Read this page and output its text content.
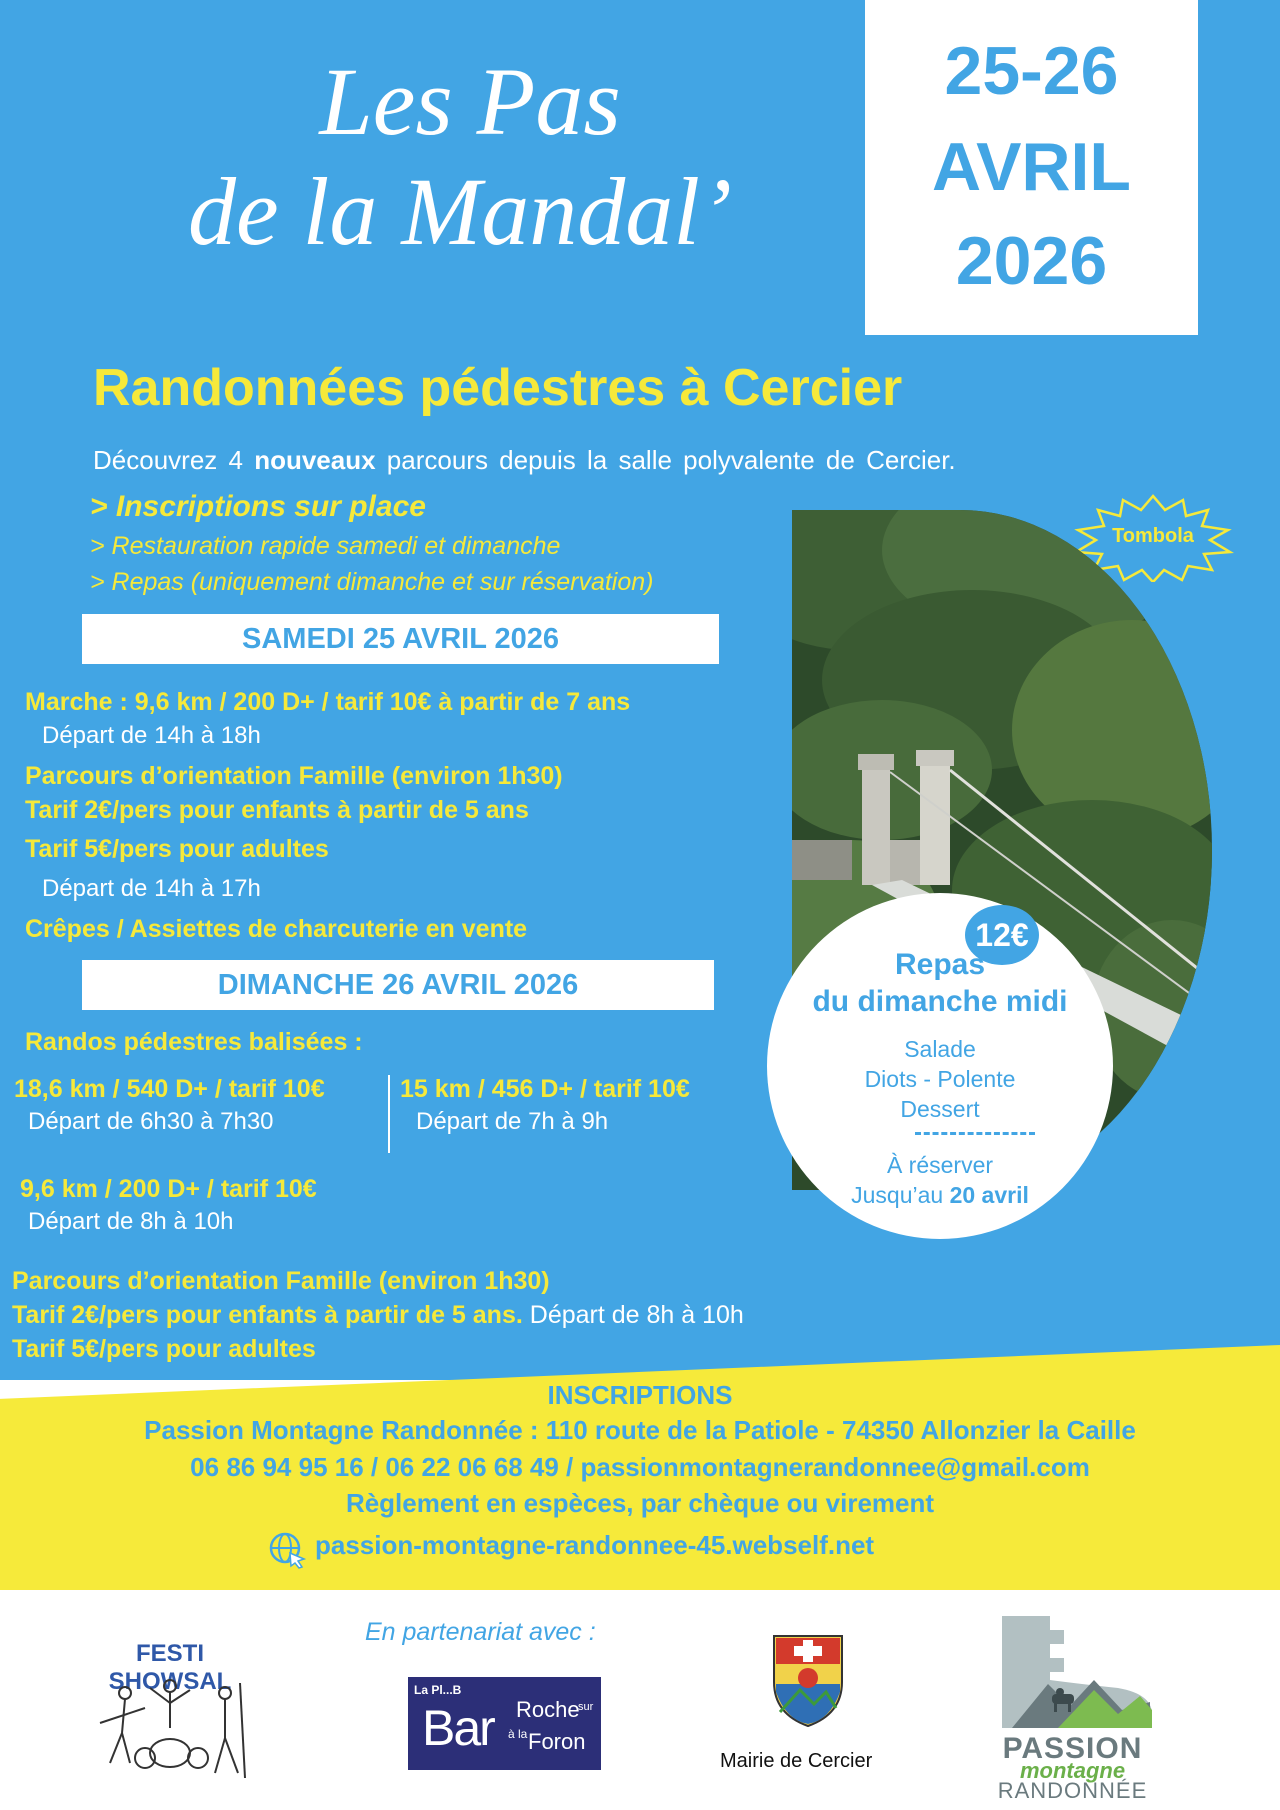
Les Pas
de la Mandal’
25-26
AVRIL
2026
Randonnées pédestres à Cercier
Découvrez 4 nouveaux parcours depuis la salle polyvalente de Cercier.
> Inscriptions sur place
> Restauration rapide samedi et dimanche
> Repas (uniquement dimanche et sur réservation)
Tombola
12€
Repas
du dimanche midi
Salade
Diots - Polente
Dessert
À réserver
Jusqu’au 20 avril
SAMEDI 25 AVRIL 2026
Marche : 9,6 km / 200 D+ / tarif 10€ à partir de 7 ans
Départ de 14h à 18h
Parcours d’orientation Famille (environ 1h30)
Tarif 2€/pers pour enfants à partir de 5 ans
Tarif 5€/pers pour adultes
Départ de 14h à 17h
Crêpes / Assiettes de charcuterie en vente
DIMANCHE 26 AVRIL 2026
Randos pédestres balisées :
18,6 km / 540 D+ / tarif 10€
Départ de 6h30 à 7h30
15 km / 456 D+ / tarif 10€
Départ de 7h à 9h
9,6 km / 200 D+ / tarif 10€
Départ de 8h à 10h
Parcours d’orientation Famille (environ 1h30)
Tarif 2€/pers pour enfants à partir de 5 ans. Départ de 8h à 10h
Tarif 5€/pers pour adultes
INSCRIPTIONS
Passion Montagne Randonnée : 110 route de la Patiole - 74350 Allonzier la Caille
06 86 94 95 16 / 06 22 06 68 49 / passionmontagnerandonnee@gmail.com
Règlement en espèces, par chèque ou virement
passion-montagne-randonnee-45.webself.net
En partenariat avec :
FESTI SHOWSAL	La Pl...B
Bar à la
Roche
sur
Foron
Mairie de Cercier	PASSION
montagne
RANDONNÉE
